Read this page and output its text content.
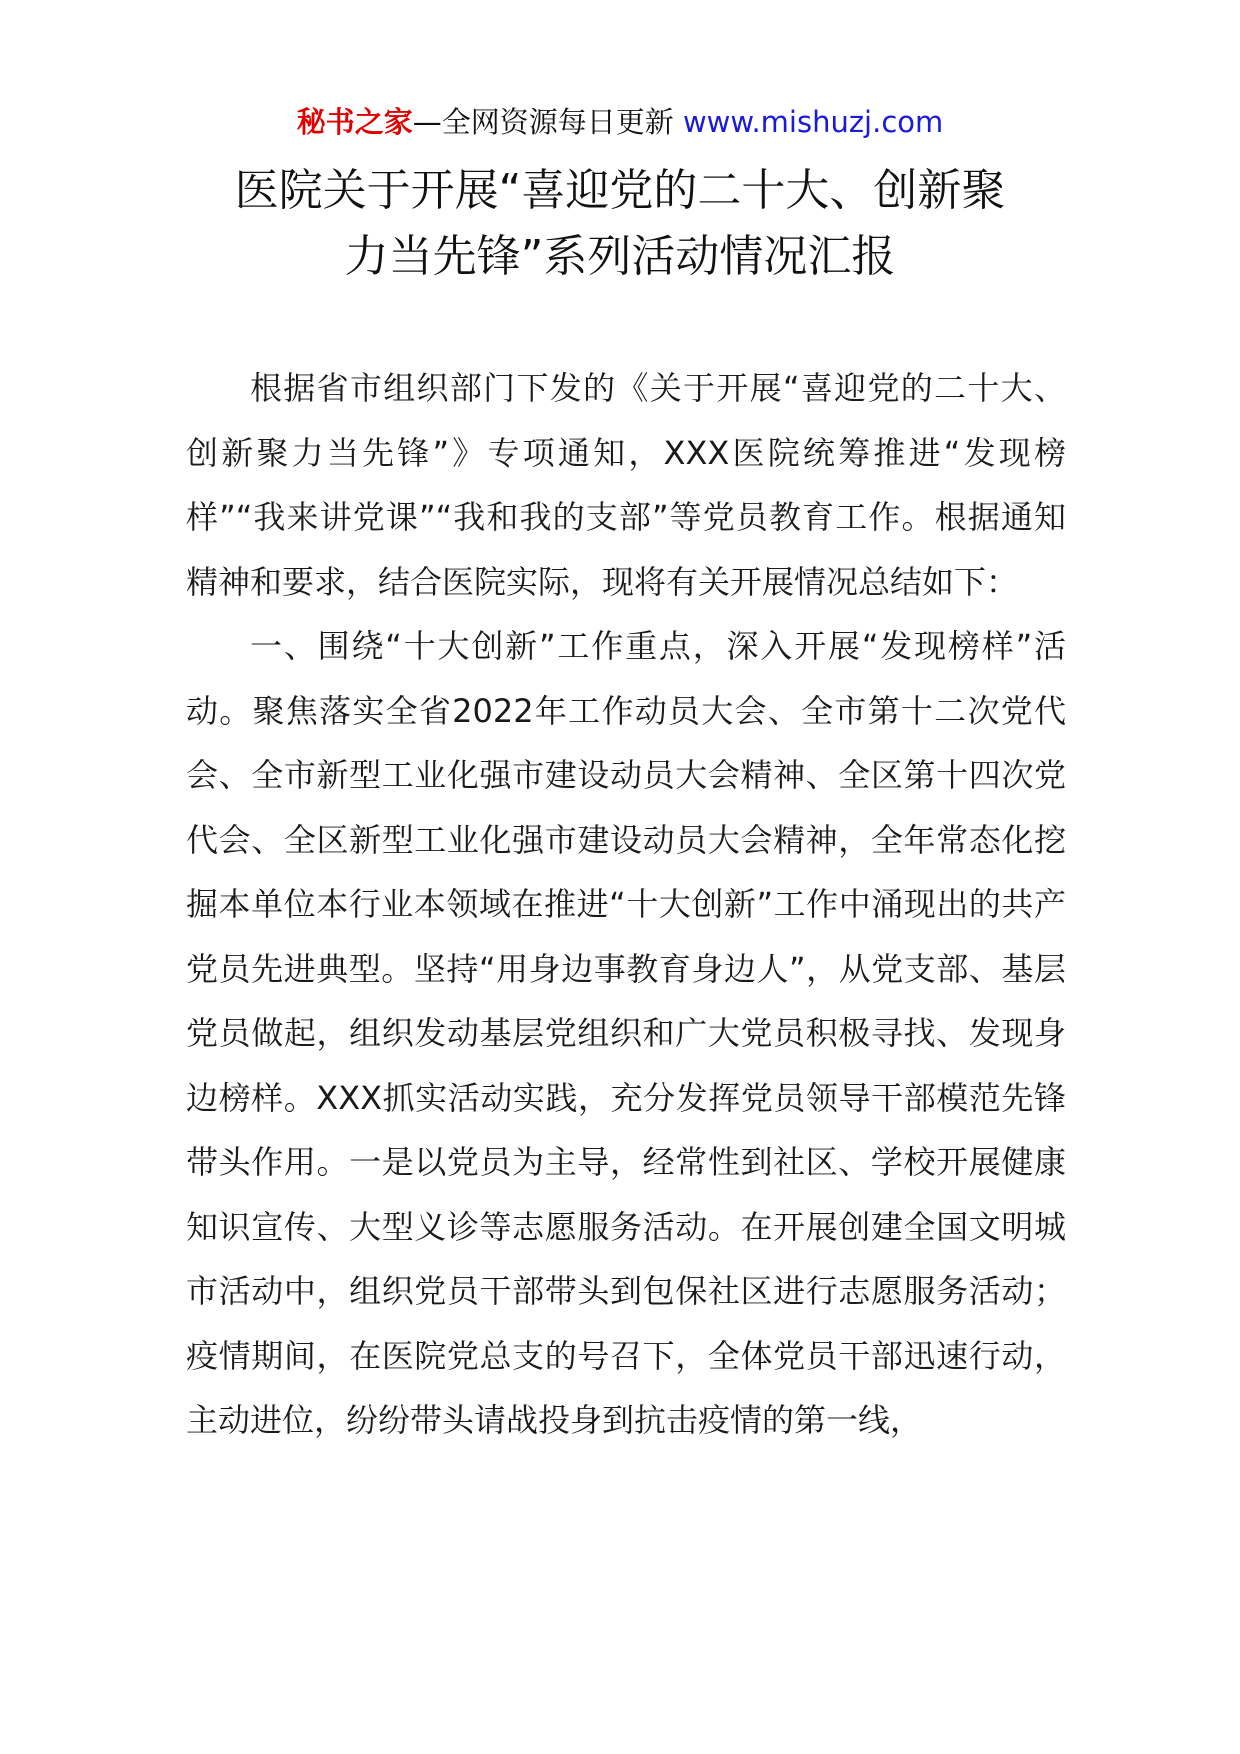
秘书之家—全网资源每日更新 www.mishuzj.com
医院关于开展“喜迎党的二十大、创新聚
力当先锋”系列活动情况汇报

根据省市组织部门下发的《关于开展“喜迎党的二十大、创新聚力当先锋”》专项通知，XXX医院统筹推进“发现榜样”“我来讲党课”“我和我的支部”等党员教育工作。根据通知精神和要求，结合医院实际，现将有关开展情况总结如下：

一、围绕“十大创新”工作重点，深入开展“发现榜样”活动。聚焦落实全省2022年工作动员大会、全市第十二次党代会、全市新型工业化强市建设动员大会精神、全区第十四次党代会、全区新型工业化强市建设动员大会精神，全年常态化挖掘本单位本行业本领域在推进“十大创新”工作中涌现出的共产党员先进典型。坚持“用身边事教育身边人”，从党支部、基层党员做起，组织发动基层党组织和广大党员积极寻找、发现身边榜样。XXX抓实活动实践，充分发挥党员领导干部模范先锋带头作用。一是以党员为主导，经常性到社区、学校开展健康知识宣传、大型义诊等志愿服务活动。在开展创建全国文明城市活动中，组织党员干部带头到包保社区进行志愿服务活动；疫情期间，在医院党总支的号召下，全体党员干部迅速行动，主动进位，纷纷带头请战投身到抗击疫情的第一线，
